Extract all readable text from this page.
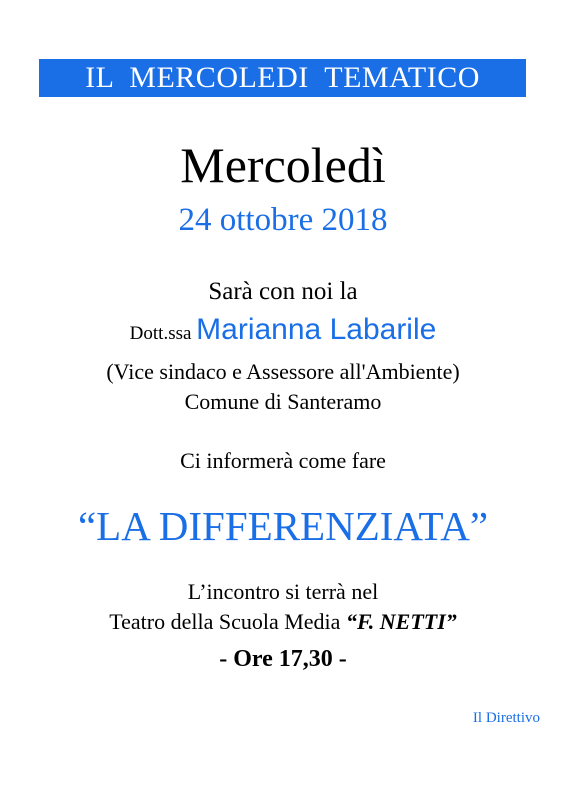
IL  MERCOLEDI  TEMATICO
Mercoledì
24 ottobre 2018
Sarà con noi la
Dott.ssa Marianna Labarile
(Vice sindaco e Assessore all'Ambiente)
Comune di Santeramo
Ci informerà come fare
“LA DIFFERENZIATA”
L’incontro si terrà nel
Teatro della Scuola Media “F. NETTI”
- Ore 17,30 -
Il Direttivo
